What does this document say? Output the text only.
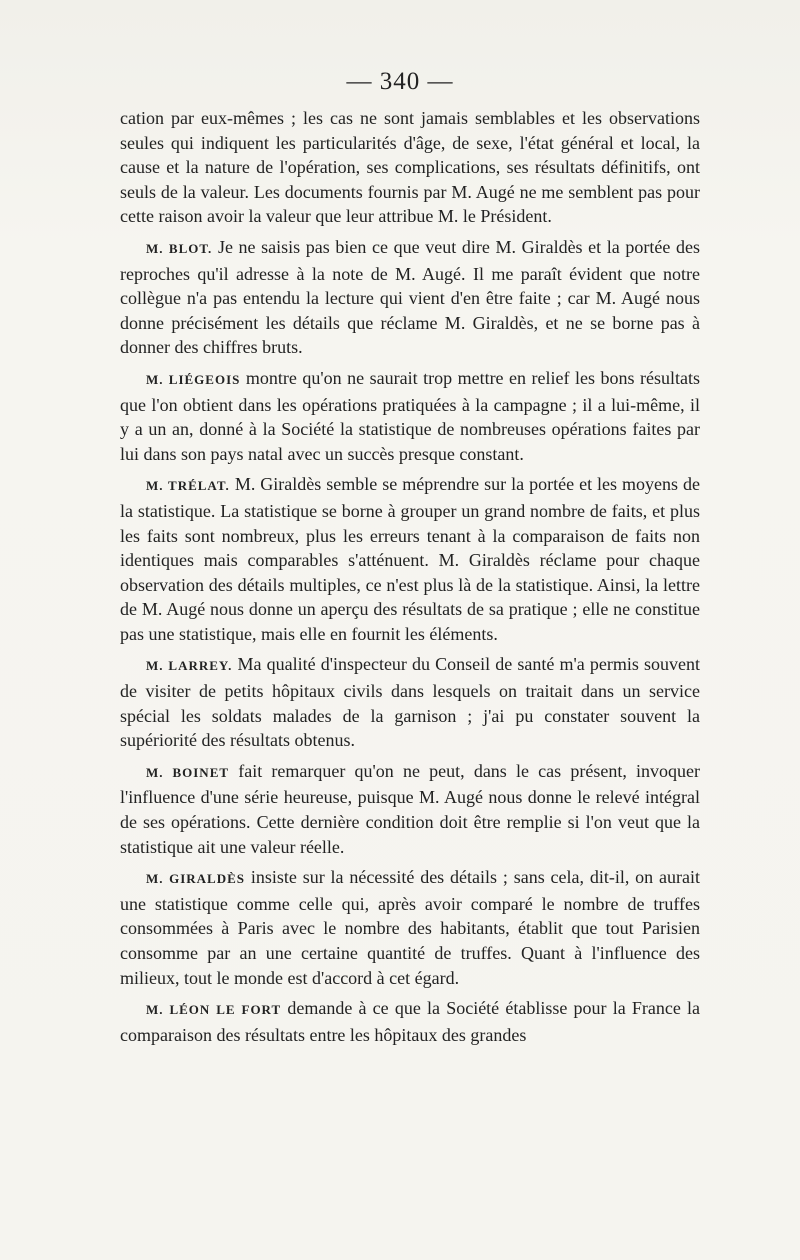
— 340 —

cation par eux-mêmes ; les cas ne sont jamais semblables et les observations seules qui indiquent les particularités d'âge, de sexe, l'état général et local, la cause et la nature de l'opération, ses complications, ses résultats définitifs, ont seuls de la valeur. Les documents fournis par M. Augé ne me semblent pas pour cette raison avoir la valeur que leur attribue M. le Président.

M. BLOT. Je ne saisis pas bien ce que veut dire M. Giraldès et la portée des reproches qu'il adresse à la note de M. Augé. Il me paraît évident que notre collègue n'a pas entendu la lecture qui vient d'en être faite ; car M. Augé nous donne précisément les détails que réclame M. Giraldès, et ne se borne pas à donner des chiffres bruts.

M. LIÉGEOIS montre qu'on ne saurait trop mettre en relief les bons résultats que l'on obtient dans les opérations pratiquées à la campagne ; il a lui-même, il y a un an, donné à la Société la statistique de nombreuses opérations faites par lui dans son pays natal avec un succès presque constant.

M. TRÉLAT. M. Giraldès semble se méprendre sur la portée et les moyens de la statistique. La statistique se borne à grouper un grand nombre de faits, et plus les faits sont nombreux, plus les erreurs tenant à la comparaison de faits non identiques mais comparables s'atténuent. M. Giraldès réclame pour chaque observation des détails multiples, ce n'est plus là de la statistique. Ainsi, la lettre de M. Augé nous donne un aperçu des résultats de sa pratique ; elle ne constitue pas une statistique, mais elle en fournit les éléments.

M. LARREY. Ma qualité d'inspecteur du Conseil de santé m'a permis souvent de visiter de petits hôpitaux civils dans lesquels on traitait dans un service spécial les soldats malades de la garnison ; j'ai pu constater souvent la supériorité des résultats obtenus.

M. BOINET fait remarquer qu'on ne peut, dans le cas présent, invoquer l'influence d'une série heureuse, puisque M. Augé nous donne le relevé intégral de ses opérations. Cette dernière condition doit être remplie si l'on veut que la statistique ait une valeur réelle.

M. GIRALDÈS insiste sur la nécessité des détails ; sans cela, dit-il, on aurait une statistique comme celle qui, après avoir comparé le nombre de truffes consommées à Paris avec le nombre des habitants, établit que tout Parisien consomme par an une certaine quantité de truffes. Quant à l'influence des milieux, tout le monde est d'accord à cet égard.

M. LÉON LE FORT demande à ce que la Société établisse pour la France la comparaison des résultats entre les hôpitaux des grandes
